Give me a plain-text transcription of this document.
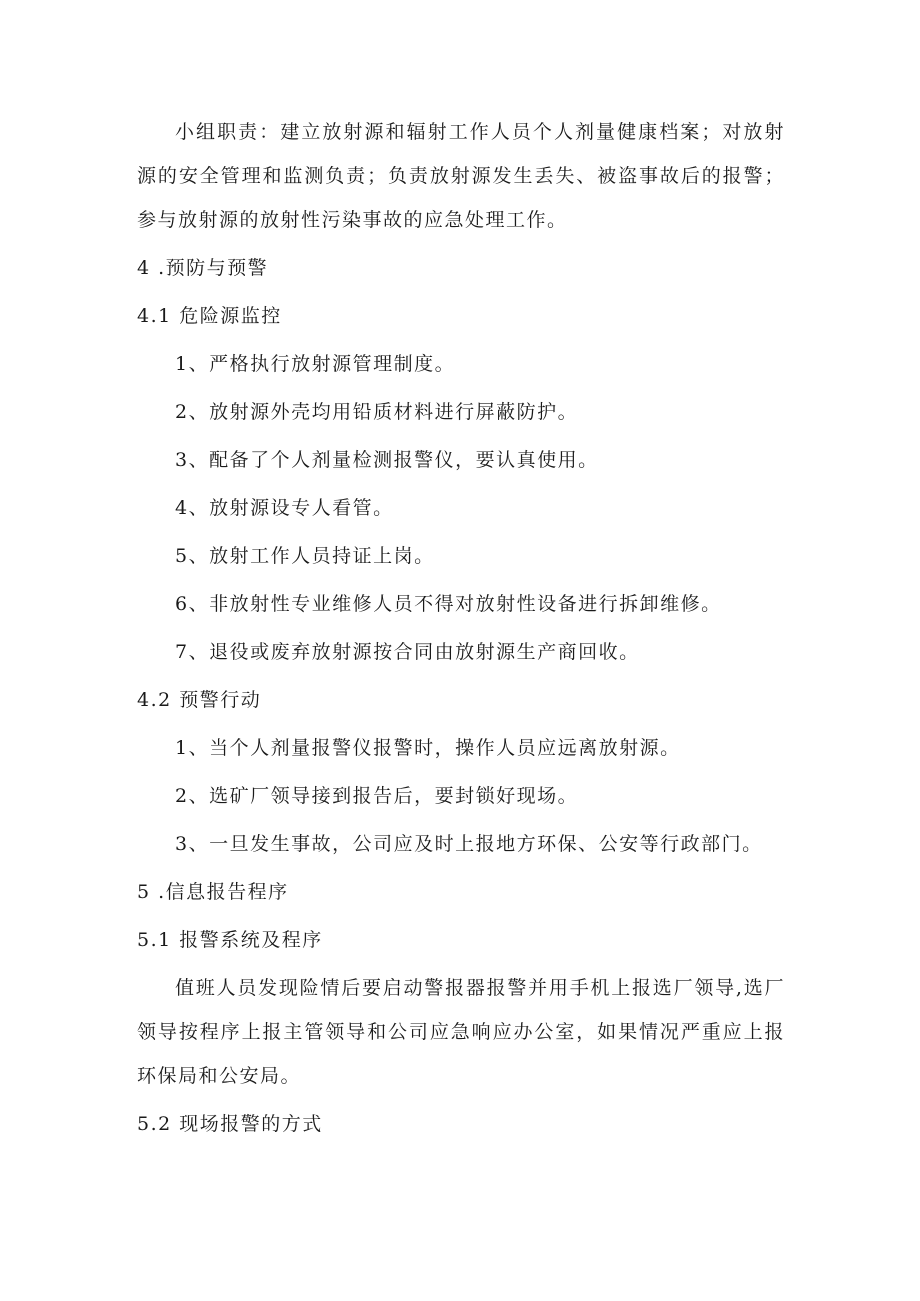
小组职责：建立放射源和辐射工作人员个人剂量健康档案；对放射源的安全管理和监测负责；负责放射源发生丢失、被盗事故后的报警；参与放射源的放射性污染事故的应急处理工作。

4 .预防与预警
4.1 危险源监控
1、严格执行放射源管理制度。
2、放射源外壳均用铅质材料进行屏蔽防护。
3、配备了个人剂量检测报警仪，要认真使用。
4、放射源设专人看管。
5、放射工作人员持证上岗。
6、非放射性专业维修人员不得对放射性设备进行拆卸维修。
7、退役或废弃放射源按合同由放射源生产商回收。
4.2 预警行动
1、当个人剂量报警仪报警时，操作人员应远离放射源。
2、选矿厂领导接到报告后，要封锁好现场。
3、一旦发生事故，公司应及时上报地方环保、公安等行政部门。
5 .信息报告程序
5.1 报警系统及程序

值班人员发现险情后要启动警报器报警并用手机上报选厂领导,选厂领导按程序上报主管领导和公司应急响应办公室，如果情况严重应上报环保局和公安局。

5.2 现场报警的方式
